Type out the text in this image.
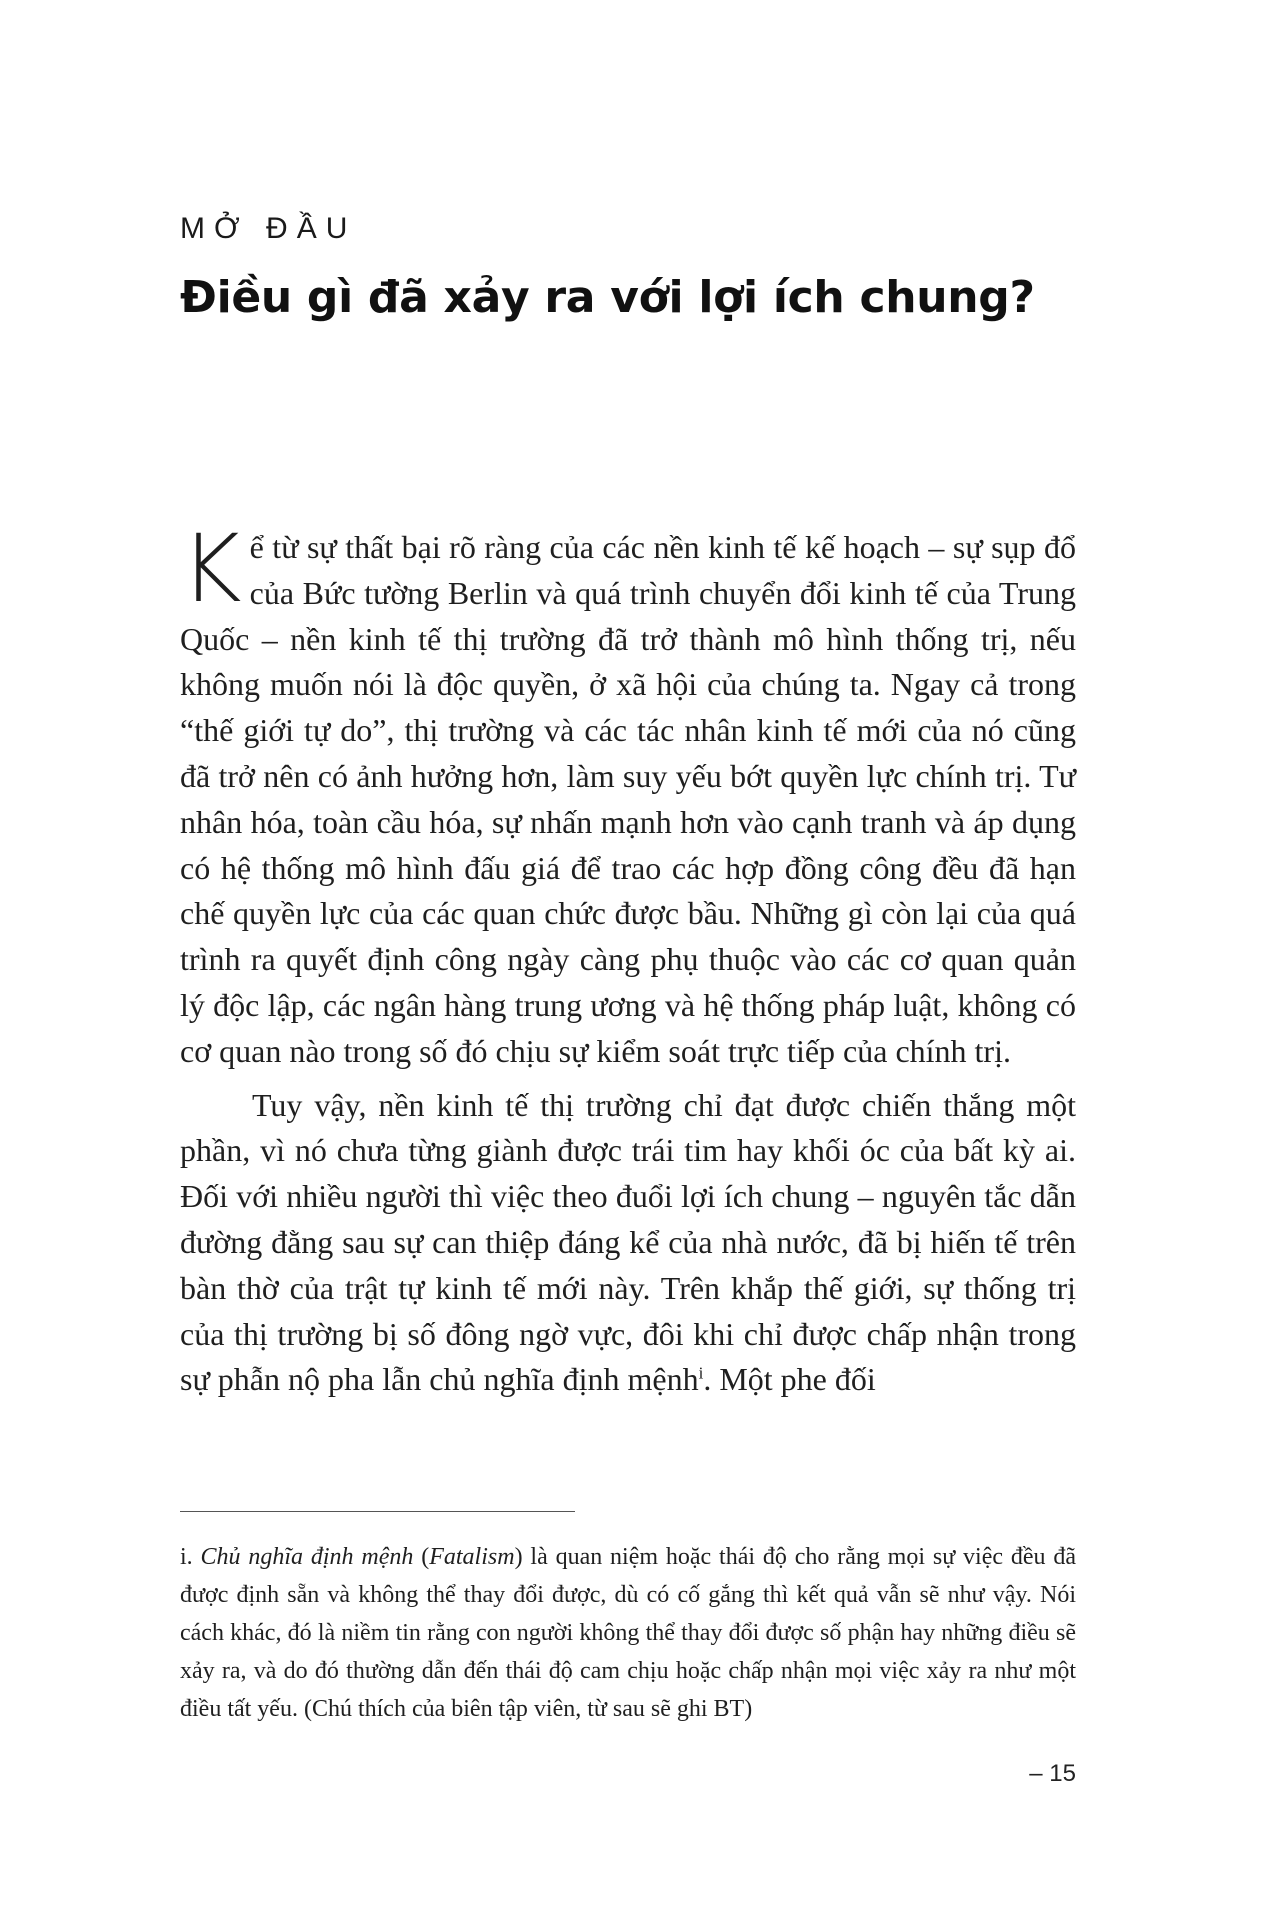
MỞ ĐẦU
Điều gì đã xảy ra với lợi ích chung?

Kể từ sự thất bại rõ ràng của các nền kinh tế kế hoạch – sự sụp đổ của Bức tường Berlin và quá trình chuyển đổi kinh tế của Trung Quốc – nền kinh tế thị trường đã trở thành mô hình thống trị, nếu không muốn nói là độc quyền, ở xã hội của chúng ta. Ngay cả trong “thế giới tự do”, thị trường và các tác nhân kinh tế mới của nó cũng đã trở nên có ảnh hưởng hơn, làm suy yếu bớt quyền lực chính trị. Tư nhân hóa, toàn cầu hóa, sự nhấn mạnh hơn vào cạnh tranh và áp dụng có hệ thống mô hình đấu giá để trao các hợp đồng công đều đã hạn chế quyền lực của các quan chức được bầu. Những gì còn lại của quá trình ra quyết định công ngày càng phụ thuộc vào các cơ quan quản lý độc lập, các ngân hàng trung ương và hệ thống pháp luật, không có cơ quan nào trong số đó chịu sự kiểm soát trực tiếp của chính trị.

Tuy vậy, nền kinh tế thị trường chỉ đạt được chiến thắng một phần, vì nó chưa từng giành được trái tim hay khối óc của bất kỳ ai. Đối với nhiều người thì việc theo đuổi lợi ích chung – nguyên tắc dẫn đường đằng sau sự can thiệp đáng kể của nhà nước, đã bị hiến tế trên bàn thờ của trật tự kinh tế mới này. Trên khắp thế giới, sự thống trị của thị trường bị số đông ngờ vực, đôi khi chỉ được chấp nhận trong sự phẫn nộ pha lẫn chủ nghĩa định mệnh$^i$. Một phe đối

i. Chủ nghĩa định mệnh (Fatalism) là quan niệm hoặc thái độ cho rằng mọi sự việc đều đã được định sẵn và không thể thay đổi được, dù có cố gắng thì kết quả vẫn sẽ như vậy. Nói cách khác, đó là niềm tin rằng con người không thể thay đổi được số phận hay những điều sẽ xảy ra, và do đó thường dẫn đến thái độ cam chịu hoặc chấp nhận mọi việc xảy ra như một điều tất yếu. (Chú thích của biên tập viên, từ sau sẽ ghi BT)
– 15
